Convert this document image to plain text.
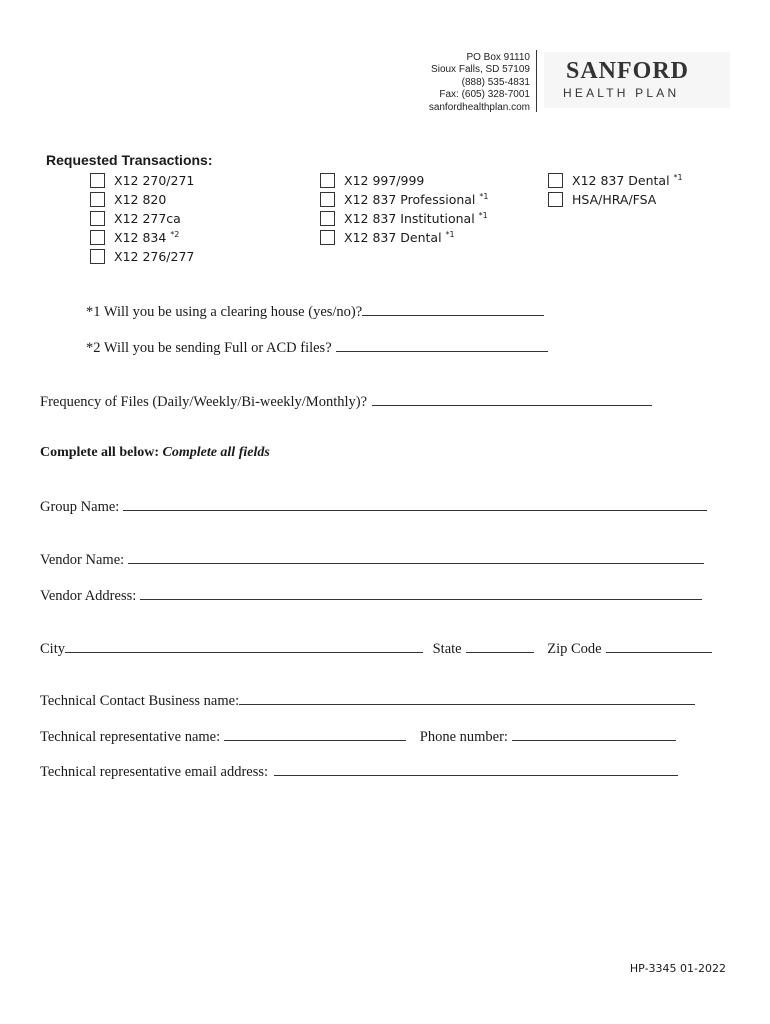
PO Box 91110
Sioux Falls, SD 57109
(888) 535-4831
Fax: (605) 328-7001
sanfordhealthplan.com
SANFORD
HEALTH PLAN
Requested Transactions:
X12 270/271
X12 820
X12 277ca
X12 834 $^{*2}$
X12 276/277
X12 997/999
X12 837 Professional $^{*1}$
X12 837 Institutional $^{*1}$
X12 837 Dental $^{*1}$
X12 837 Dental $^{*1}$
HSA/HRA/FSA
*1 Will you be using a clearing house (yes/no)?
*2 Will you be sending Full or ACD files?
Frequency of Files (Daily/Weekly/Bi-weekly/Monthly)?
Complete all below: Complete all fields
Group Name:
Vendor Name:
Vendor Address:
City	State	Zip Code
Technical Contact Business name:
Technical representative name:	Phone number:
Technical representative email address:
HP-3345 01-2022
